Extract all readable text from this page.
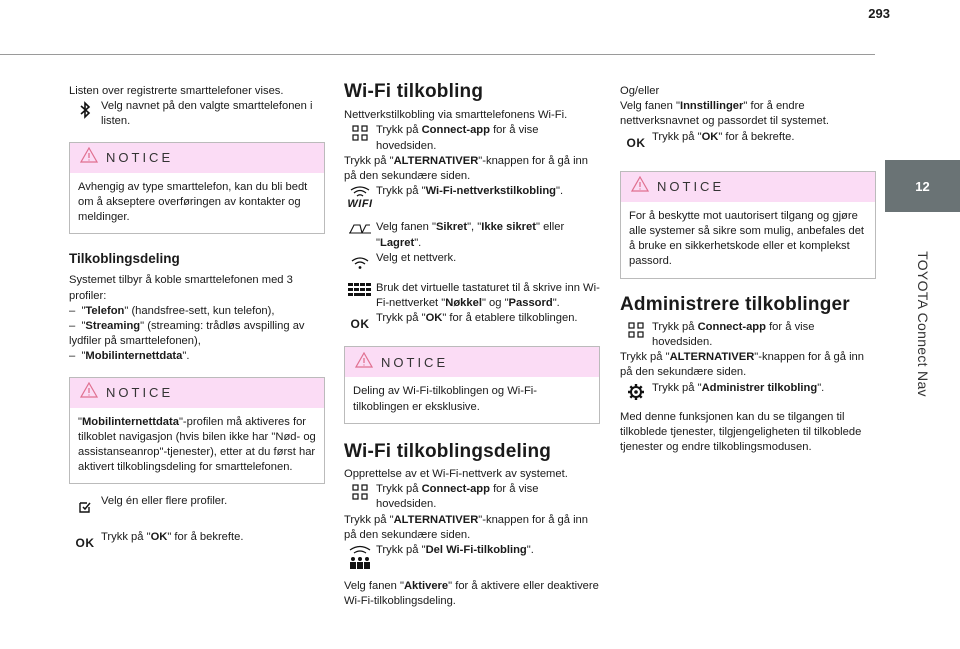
293
12
TOYOTA Connect Nav

Listen over registrerte smarttelefoner vises.

Velg navnet på den valgte smarttelefonen i listen.
NOTICE
Avhengig av type smarttelefon, kan du bli bedt om å akseptere overføringen av kontakter og meldinger.
Tilkoblingsdeling

Systemet tilbyr å koble smarttelefonen med 3 profiler:

–  "Telefon" (handsfree-sett, kun telefon),

–  "Streaming" (streaming: trådløs avspilling av lydfiler på smarttelefonen),

–  "Mobilinternettdata".

NOTICE
"Mobilinternettdata"-profilen må aktiveres for tilkoblet navigasjon (hvis bilen ikke har "Nød- og assistanseanrop"-tjenester), etter at du først har aktivert tilkoblingsdeling for smarttelefonen.
Velg én eller flere profiler.
OK Trykk på "OK" for å bekrefte.
Wi-Fi tilkobling

Nettverkstilkobling via smarttelefonens Wi-Fi.

Trykk på Connect-app for å vise hovedsiden.

Trykk på "ALTERNATIVER"-knappen for å gå inn på den sekundære siden.

WIFI
Trykk på "Wi-Fi-nettverkstilkobling".
Velg fanen "Sikret", "Ikke sikret" eller "Lagret".
Velg et nettverk.
Bruk det virtuelle tastaturet til å skrive inn Wi-Fi-nettverket "Nøkkel" og "Passord".
OK Trykk på "OK" for å etablere tilkoblingen.
NOTICE
Deling av Wi-Fi-tilkoblingen og Wi-Fi-tilkoblingen er eksklusive.
Wi-Fi tilkoblingsdeling

Opprettelse av et Wi-Fi-nettverk av systemet.

Trykk på Connect-app for å vise hovedsiden.

Trykk på "ALTERNATIVER"-knappen for å gå inn på den sekundære siden.

Trykk på "Del Wi-Fi-tilkobling".

Velg fanen "Aktivere" for å aktivere eller deaktivere Wi-Fi-tilkoblingsdeling.

Og/eller

Velg fanen "Innstillinger" for å endre nettverksnavnet og passordet til systemet.

OK Trykk på "OK" for å bekrefte.
NOTICE
For å beskytte mot uautorisert tilgang og gjøre alle systemer så sikre som mulig, anbefales det å bruke en sikkerhetskode eller et komplekst passord.
Administrere tilkoblinger
Trykk på Connect-app for å vise hovedsiden.

Trykk på "ALTERNATIVER"-knappen for å gå inn på den sekundære siden.

Trykk på "Administrer tilkobling".

Med denne funksjonen kan du se tilgangen til tilkoblede tjenester, tilgjengeligheten til tilkoblede tjenester og endre tilkoblingsmodusen.
